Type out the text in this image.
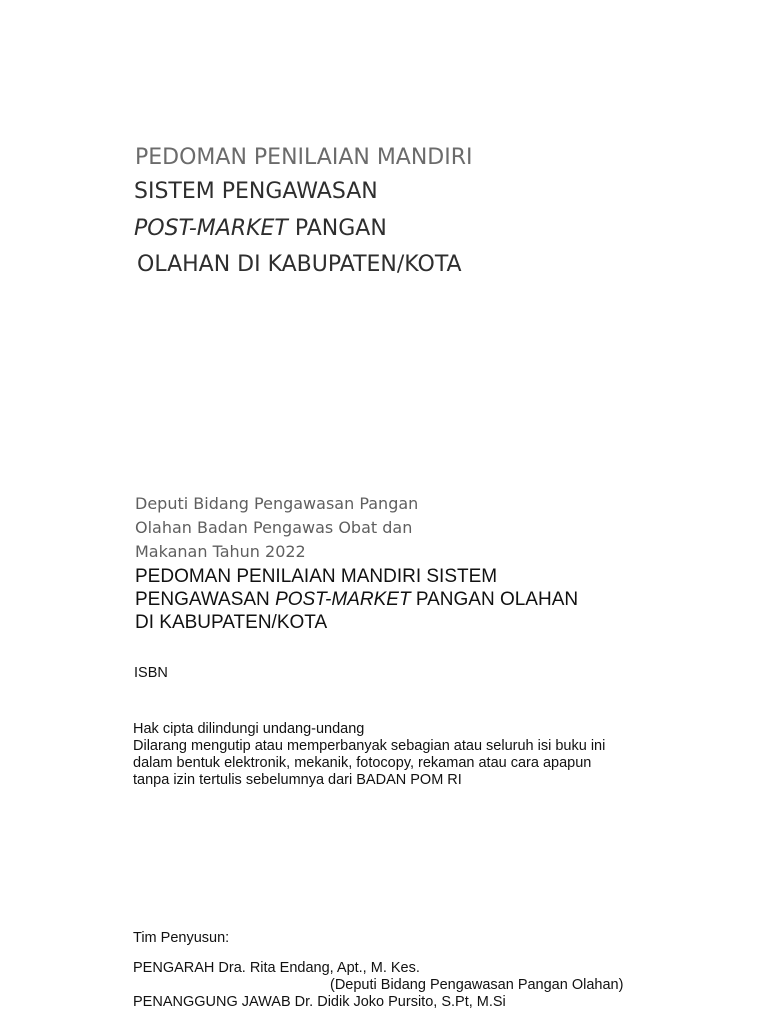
PEDOMAN PENILAIAN MANDIRI
SISTEM PENGAWASAN
POST-MARKET PANGAN
OLAHAN DI KABUPATEN/KOTA
Deputi Bidang Pengawasan Pangan
Olahan Badan Pengawas Obat dan
Makanan Tahun 2022
PEDOMAN PENILAIAN MANDIRI SISTEM
PENGAWASAN POST-MARKET PANGAN OLAHAN
DI KABUPATEN/KOTA
ISBN
Hak cipta dilindungi undang-undang
Dilarang mengutip atau memperbanyak sebagian atau seluruh isi buku ini
dalam bentuk elektronik, mekanik, fotocopy, rekaman atau cara apapun
tanpa izin tertulis sebelumnya dari BADAN POM RI
Tim Penyusun:
PENGARAH Dra. Rita Endang, Apt., M. Kes.
(Deputi Bidang Pengawasan Pangan Olahan)
PENANGGUNG JAWAB Dr. Didik Joko Pursito, S.Pt, M.Si
